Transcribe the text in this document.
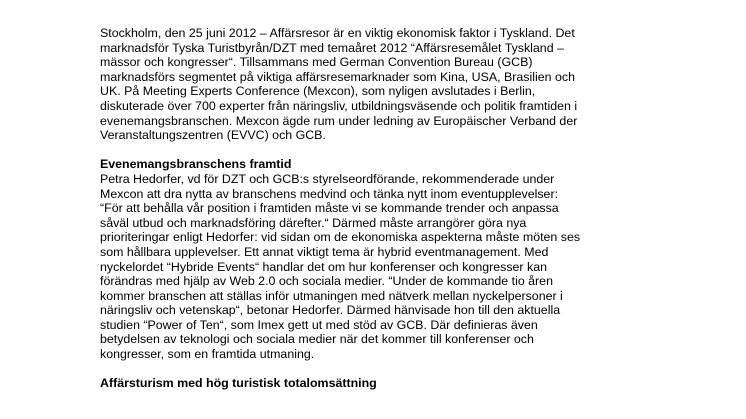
Stockholm, den 25 juni 2012 – Affärsresor är en viktig ekonomisk faktor i Tyskland. Det
marknadsför Tyska Turistbyrån/DZT med temaåret 2012 “Affärsresemålet Tyskland –
mässor och kongresser“. Tillsammans med German Convention Bureau (GCB)
marknadsförs segmentet på viktiga affärsresemarknader som Kina, USA, Brasilien och
UK. På Meeting Experts Conference (Mexcon), som nyligen avslutades i Berlin,
diskuterade över 700 experter från näringsliv, utbildningsväsende och politik framtiden i
evenemangsbranschen. Mexcon ägde rum under ledning av Europäischer Verband der
Veranstaltungszentren (EVVC) och GCB.

Evenemangsbranschens framtid

Petra Hedorfer, vd för DZT och GCB:s styrelseordförande, rekommenderade under
Mexcon att dra nytta av branschens medvind och tänka nytt inom eventupplevelser:
“För att behålla vår position i framtiden måste vi se kommande trender och anpassa
såväl utbud och marknadsföring därefter.“ Därmed måste arrangörer göra nya
prioriteringar enligt Hedorfer: vid sidan om de ekonomiska aspekterna måste möten ses
som hållbara upplevelser. Ett annat viktigt tema är hybrid eventmanagement. Med
nyckelordet “Hybride Events“ handlar det om hur konferenser och kongresser kan
förändras med hjälp av Web 2.0 och sociala medier. “Under de kommande tio åren
kommer branschen att ställas inför utmaningen med nätverk mellan nyckelpersoner i
näringsliv och vetenskap“, betonar Hedorfer. Därmed hänvisade hon till den aktuella
studien “Power of Ten“, som Imex gett ut med stöd av GCB. Där definieras även
betydelsen av teknologi och sociala medier när det kommer till konferenser och
kongresser, som en framtida utmaning.

Affärsturism med hög turistisk totalomsättning
